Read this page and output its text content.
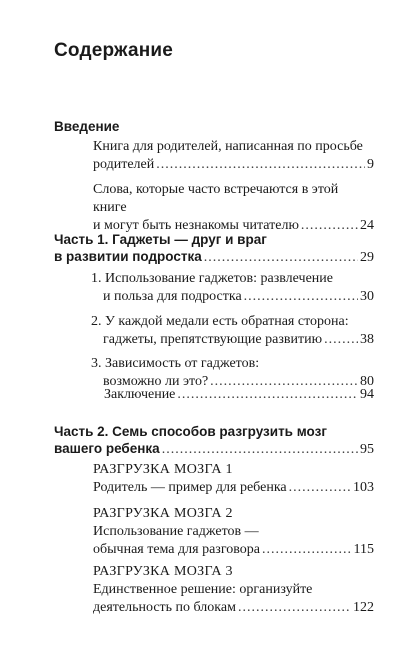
Содержание
Введение
Книга для родителей, написанная по просьбе
родителей .....	9
Слова, которые часто встречаются в этой книге
и могут быть незнакомы читателю .....	24
Часть 1. Гаджеты — друг и враг
в развитии подростка .....	29
1. Использование гаджетов: развлечение
и польза для подростка .....	30
2. У каждой медали есть обратная сторона:
гаджеты, препятствующие развитию .....	38
3. Зависимость от гаджетов:
возможно ли это? .....	80
Заключение .....	94
Часть 2. Семь способов разгрузить мозг
вашего ребенка .....	95
РАЗГРУЗКА МОЗГА 1
Родитель — пример для ребенка .....	103
РАЗГРУЗКА МОЗГА 2
Использование гаджетов —
обычная тема для разговора .....	115
РАЗГРУЗКА МОЗГА 3
Единственное решение: организуйте
деятельность по блокам .....	122
